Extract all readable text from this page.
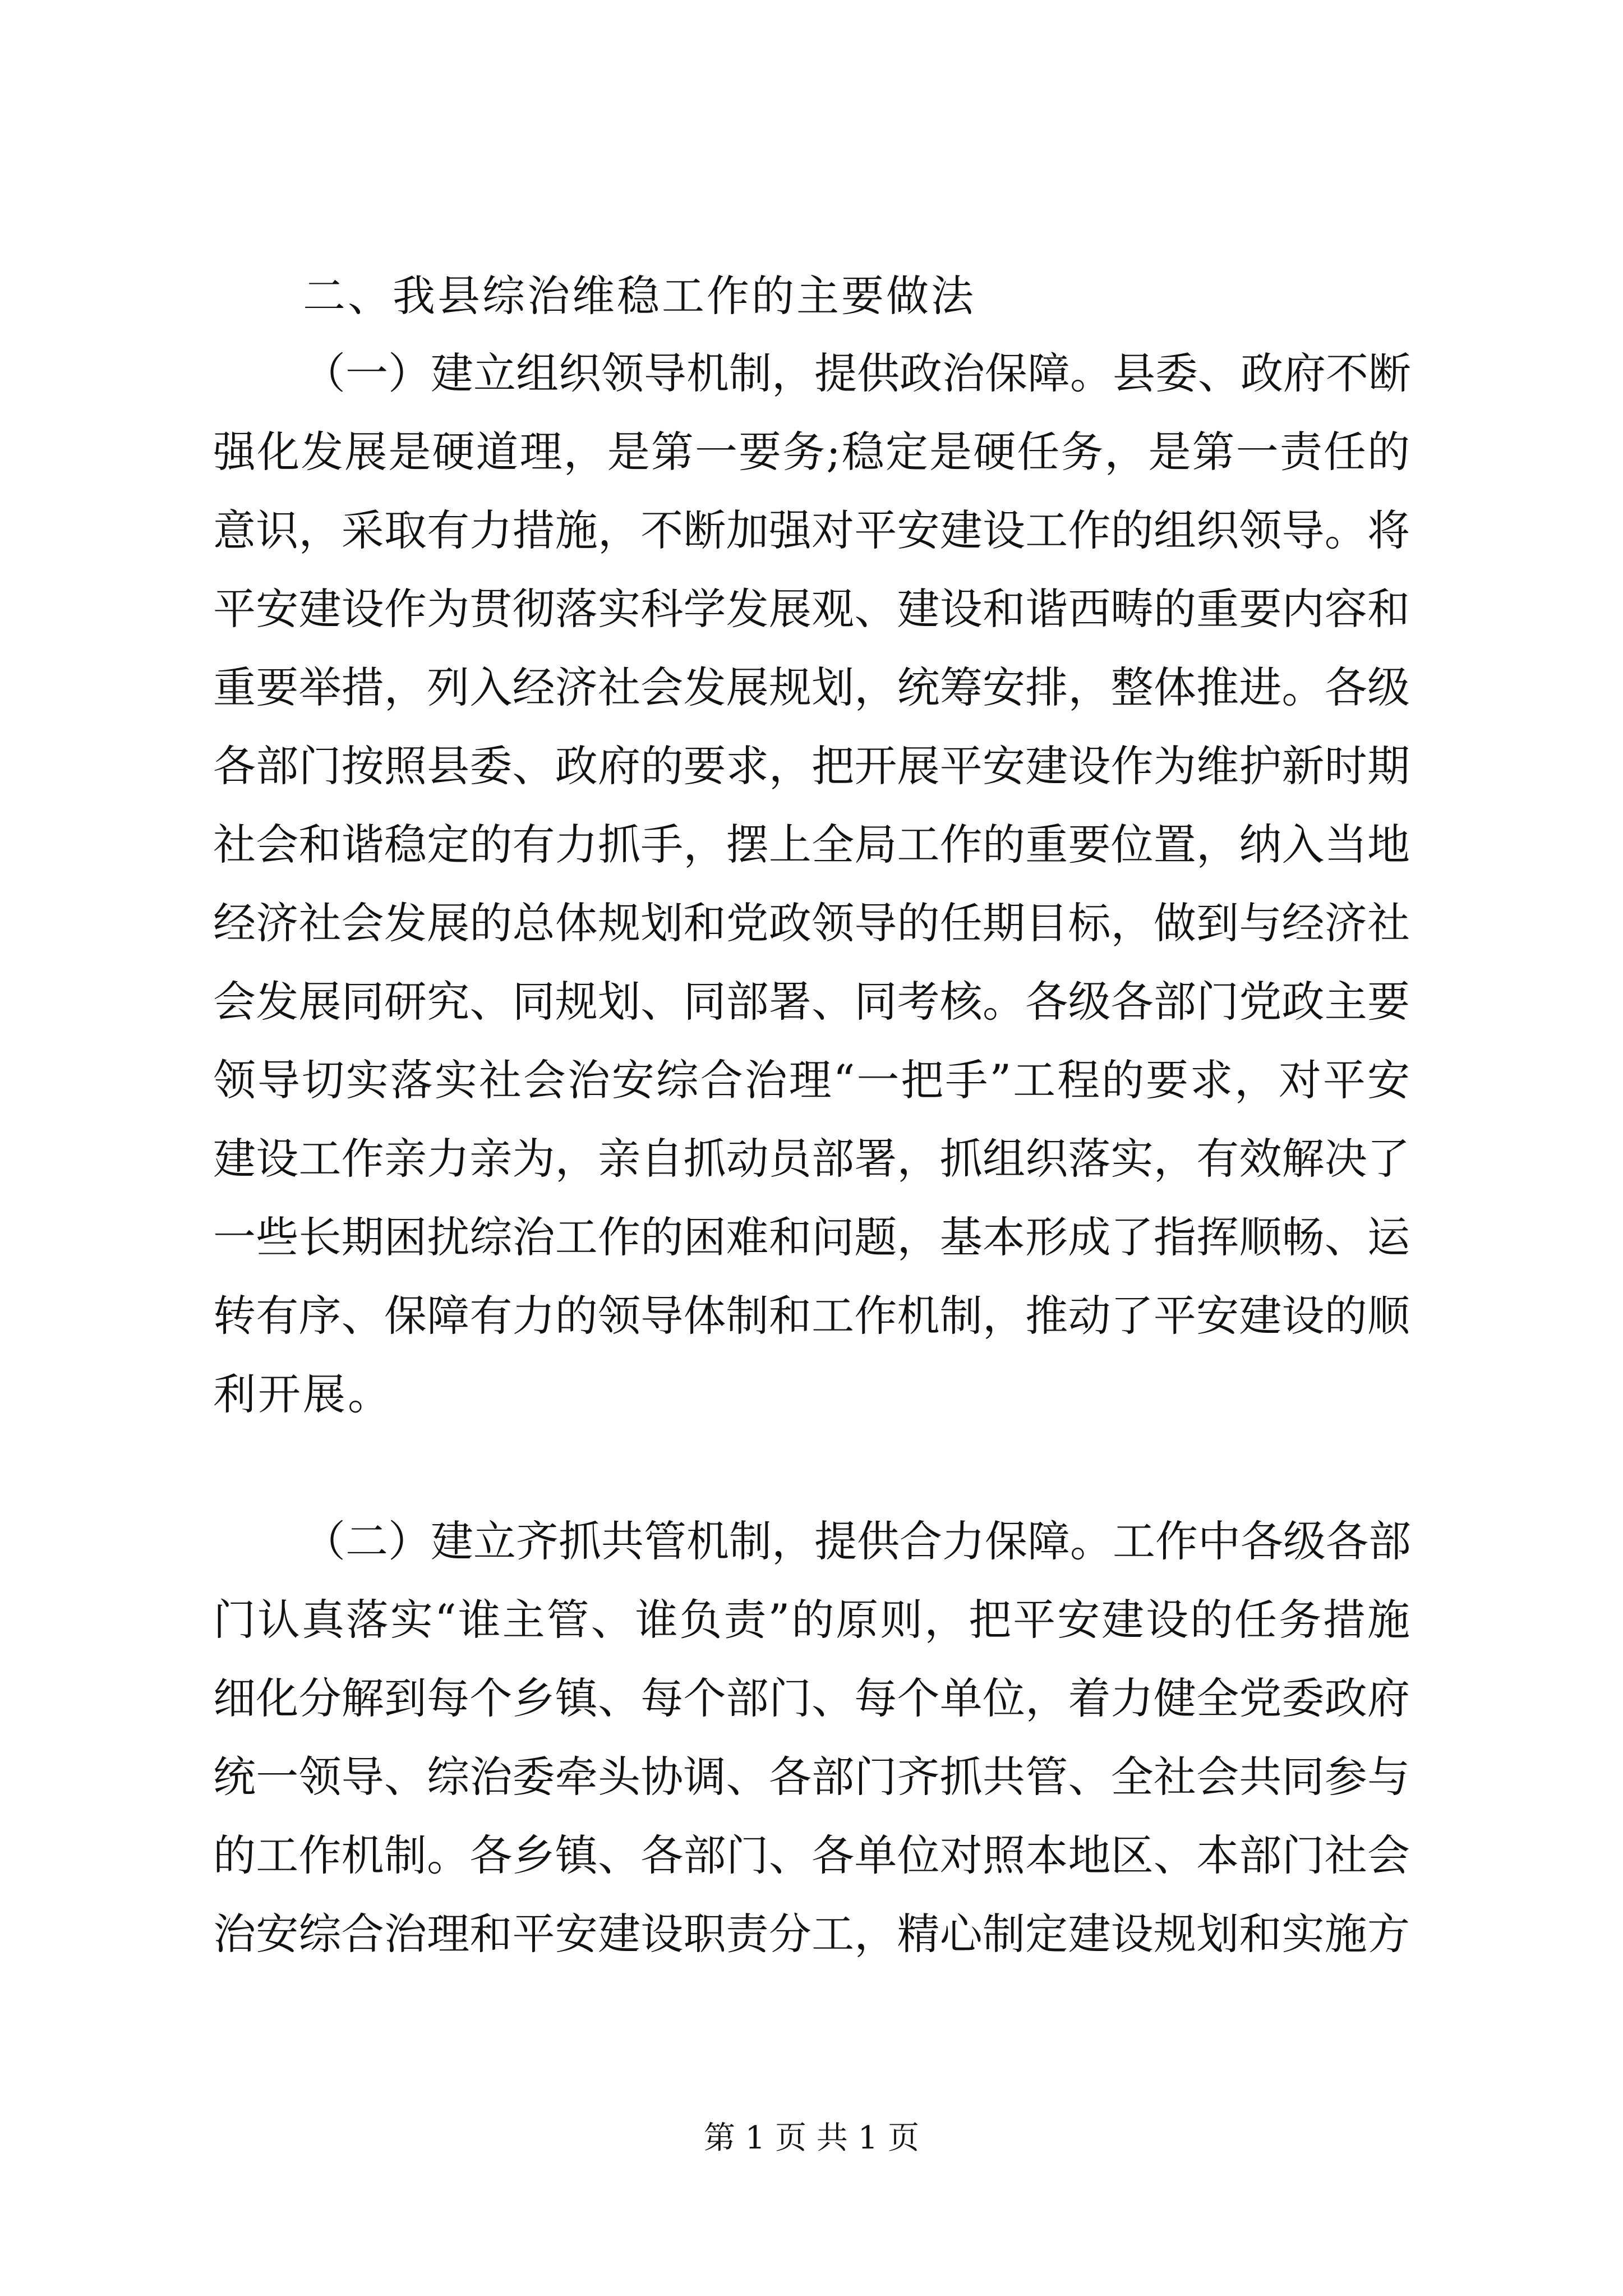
二、我县综治维稳工作的主要做法
（一）建立组织领导机制，提供政治保障。县委、政府不断
强化发展是硬道理，是第一要务;稳定是硬任务，是第一责任的
意识，采取有力措施，不断加强对平安建设工作的组织领导。将
平安建设作为贯彻落实科学发展观、建设和谐西畴的重要内容和
重要举措，列入经济社会发展规划，统筹安排，整体推进。各级
各部门按照县委、政府的要求，把开展平安建设作为维护新时期
社会和谐稳定的有力抓手，摆上全局工作的重要位置，纳入当地
经济社会发展的总体规划和党政领导的任期目标，做到与经济社
会发展同研究、同规划、同部署、同考核。各级各部门党政主要
领导切实落实社会治安综合治理“一把手”工程的要求，对平安
建设工作亲力亲为，亲自抓动员部署，抓组织落实，有效解决了
一些长期困扰综治工作的困难和问题，基本形成了指挥顺畅、运
转有序、保障有力的领导体制和工作机制，推动了平安建设的顺
利开展。
（二）建立齐抓共管机制，提供合力保障。工作中各级各部
门认真落实“谁主管、谁负责”的原则，把平安建设的任务措施
细化分解到每个乡镇、每个部门、每个单位，着力健全党委政府
统一领导、综治委牵头协调、各部门齐抓共管、全社会共同参与
的工作机制。各乡镇、各部门、各单位对照本地区、本部门社会
治安综合治理和平安建设职责分工，精心制定建设规划和实施方
第 1 页 共 1 页
